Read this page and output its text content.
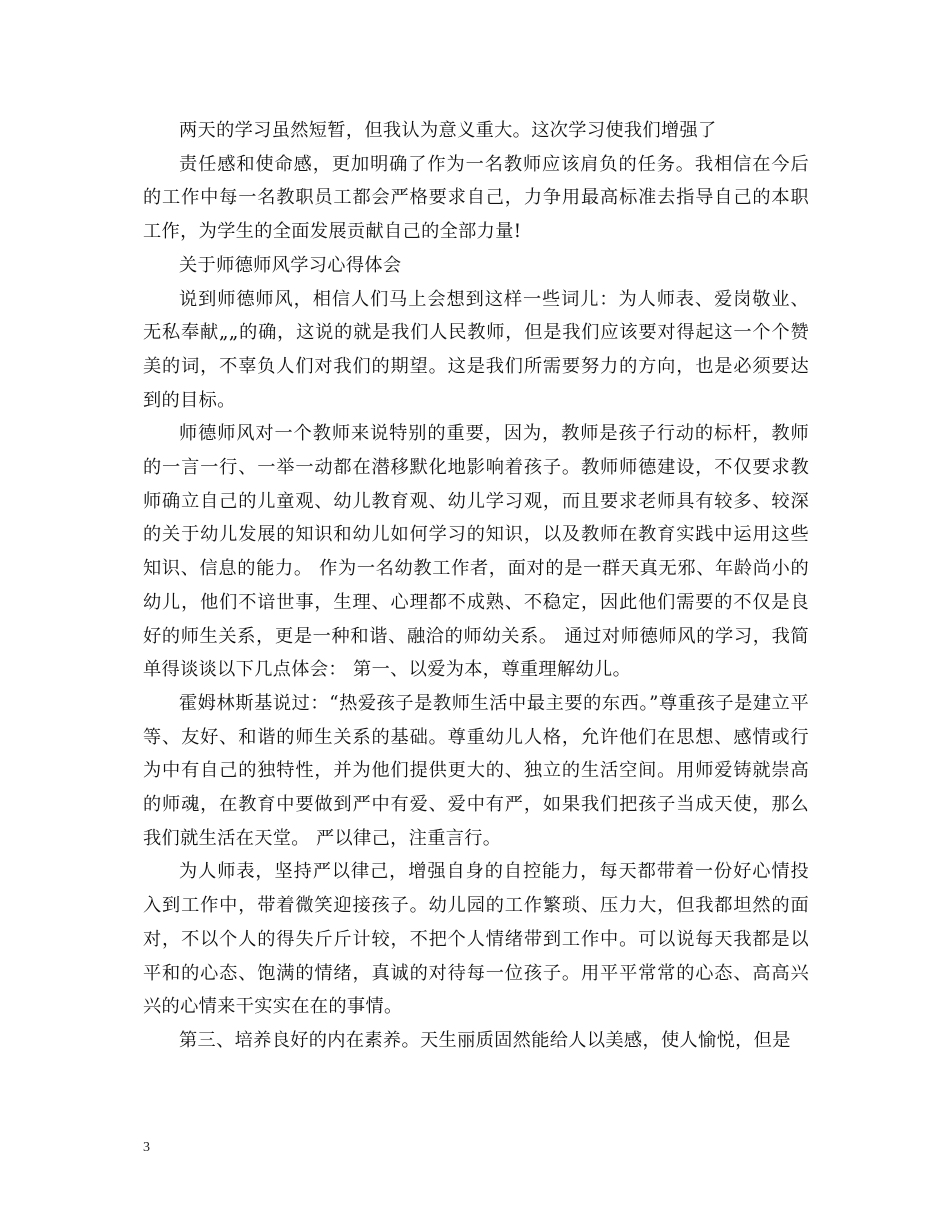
两天的学习虽然短暂，但我认为意义重大。这次学习使我们增强了

责任感和使命感，更加明确了作为一名教师应该肩负的任务。我相信在今后的工作中每一名教职员工都会严格要求自己，力争用最高标准去指导自己的本职工作，为学生的全面发展贡献自己的全部力量!

关于师德师风学习心得体会

说到师德师风，相信人们马上会想到这样一些词儿：为人师表、爱岗敬业、无私奉献„„的确，这说的就是我们人民教师，但是我们应该要对得起这一个个赞美的词，不辜负人们对我们的期望。这是我们所需要努力的方向，也是必须要达到的目标。

师德师风对一个教师来说特别的重要，因为，教师是孩子行动的标杆，教师的一言一行、一举一动都在潜移默化地影响着孩子。教师师德建设，不仅要求教师确立自己的儿童观、幼儿教育观、幼儿学习观，而且要求老师具有较多、较深的关于幼儿发展的知识和幼儿如何学习的知识，以及教师在教育实践中运用这些知识、信息的能力。 作为一名幼教工作者，面对的是一群天真无邪、年龄尚小的幼儿，他们不谙世事，生理、心理都不成熟、不稳定，因此他们需要的不仅是良好的师生关系，更是一种和谐、融洽的师幼关系。 通过对师德师风的学习，我简单得谈谈以下几点体会： 第一、以爱为本，尊重理解幼儿。

霍姆林斯基说过：“热爱孩子是教师生活中最主要的东西。”尊重孩子是建立平等、友好、和谐的师生关系的基础。尊重幼儿人格，允许他们在思想、感情或行为中有自己的独特性，并为他们提供更大的、独立的生活空间。用师爱铸就崇高的师魂，在教育中要做到严中有爱、爱中有严，如果我们把孩子当成天使，那么我们就生活在天堂。 严以律己，注重言行。

为人师表，坚持严以律己，增强自身的自控能力，每天都带着一份好心情投入到工作中，带着微笑迎接孩子。幼儿园的工作繁琐、压力大，但我都坦然的面对，不以个人的得失斤斤计较，不把个人情绪带到工作中。可以说每天我都是以平和的心态、饱满的情绪，真诚的对待每一位孩子。用平平常常的心态、高高兴兴的心情来干实实在在的事情。

第三、培养良好的内在素养。天生丽质固然能给人以美感，使人愉悦，但是

3
